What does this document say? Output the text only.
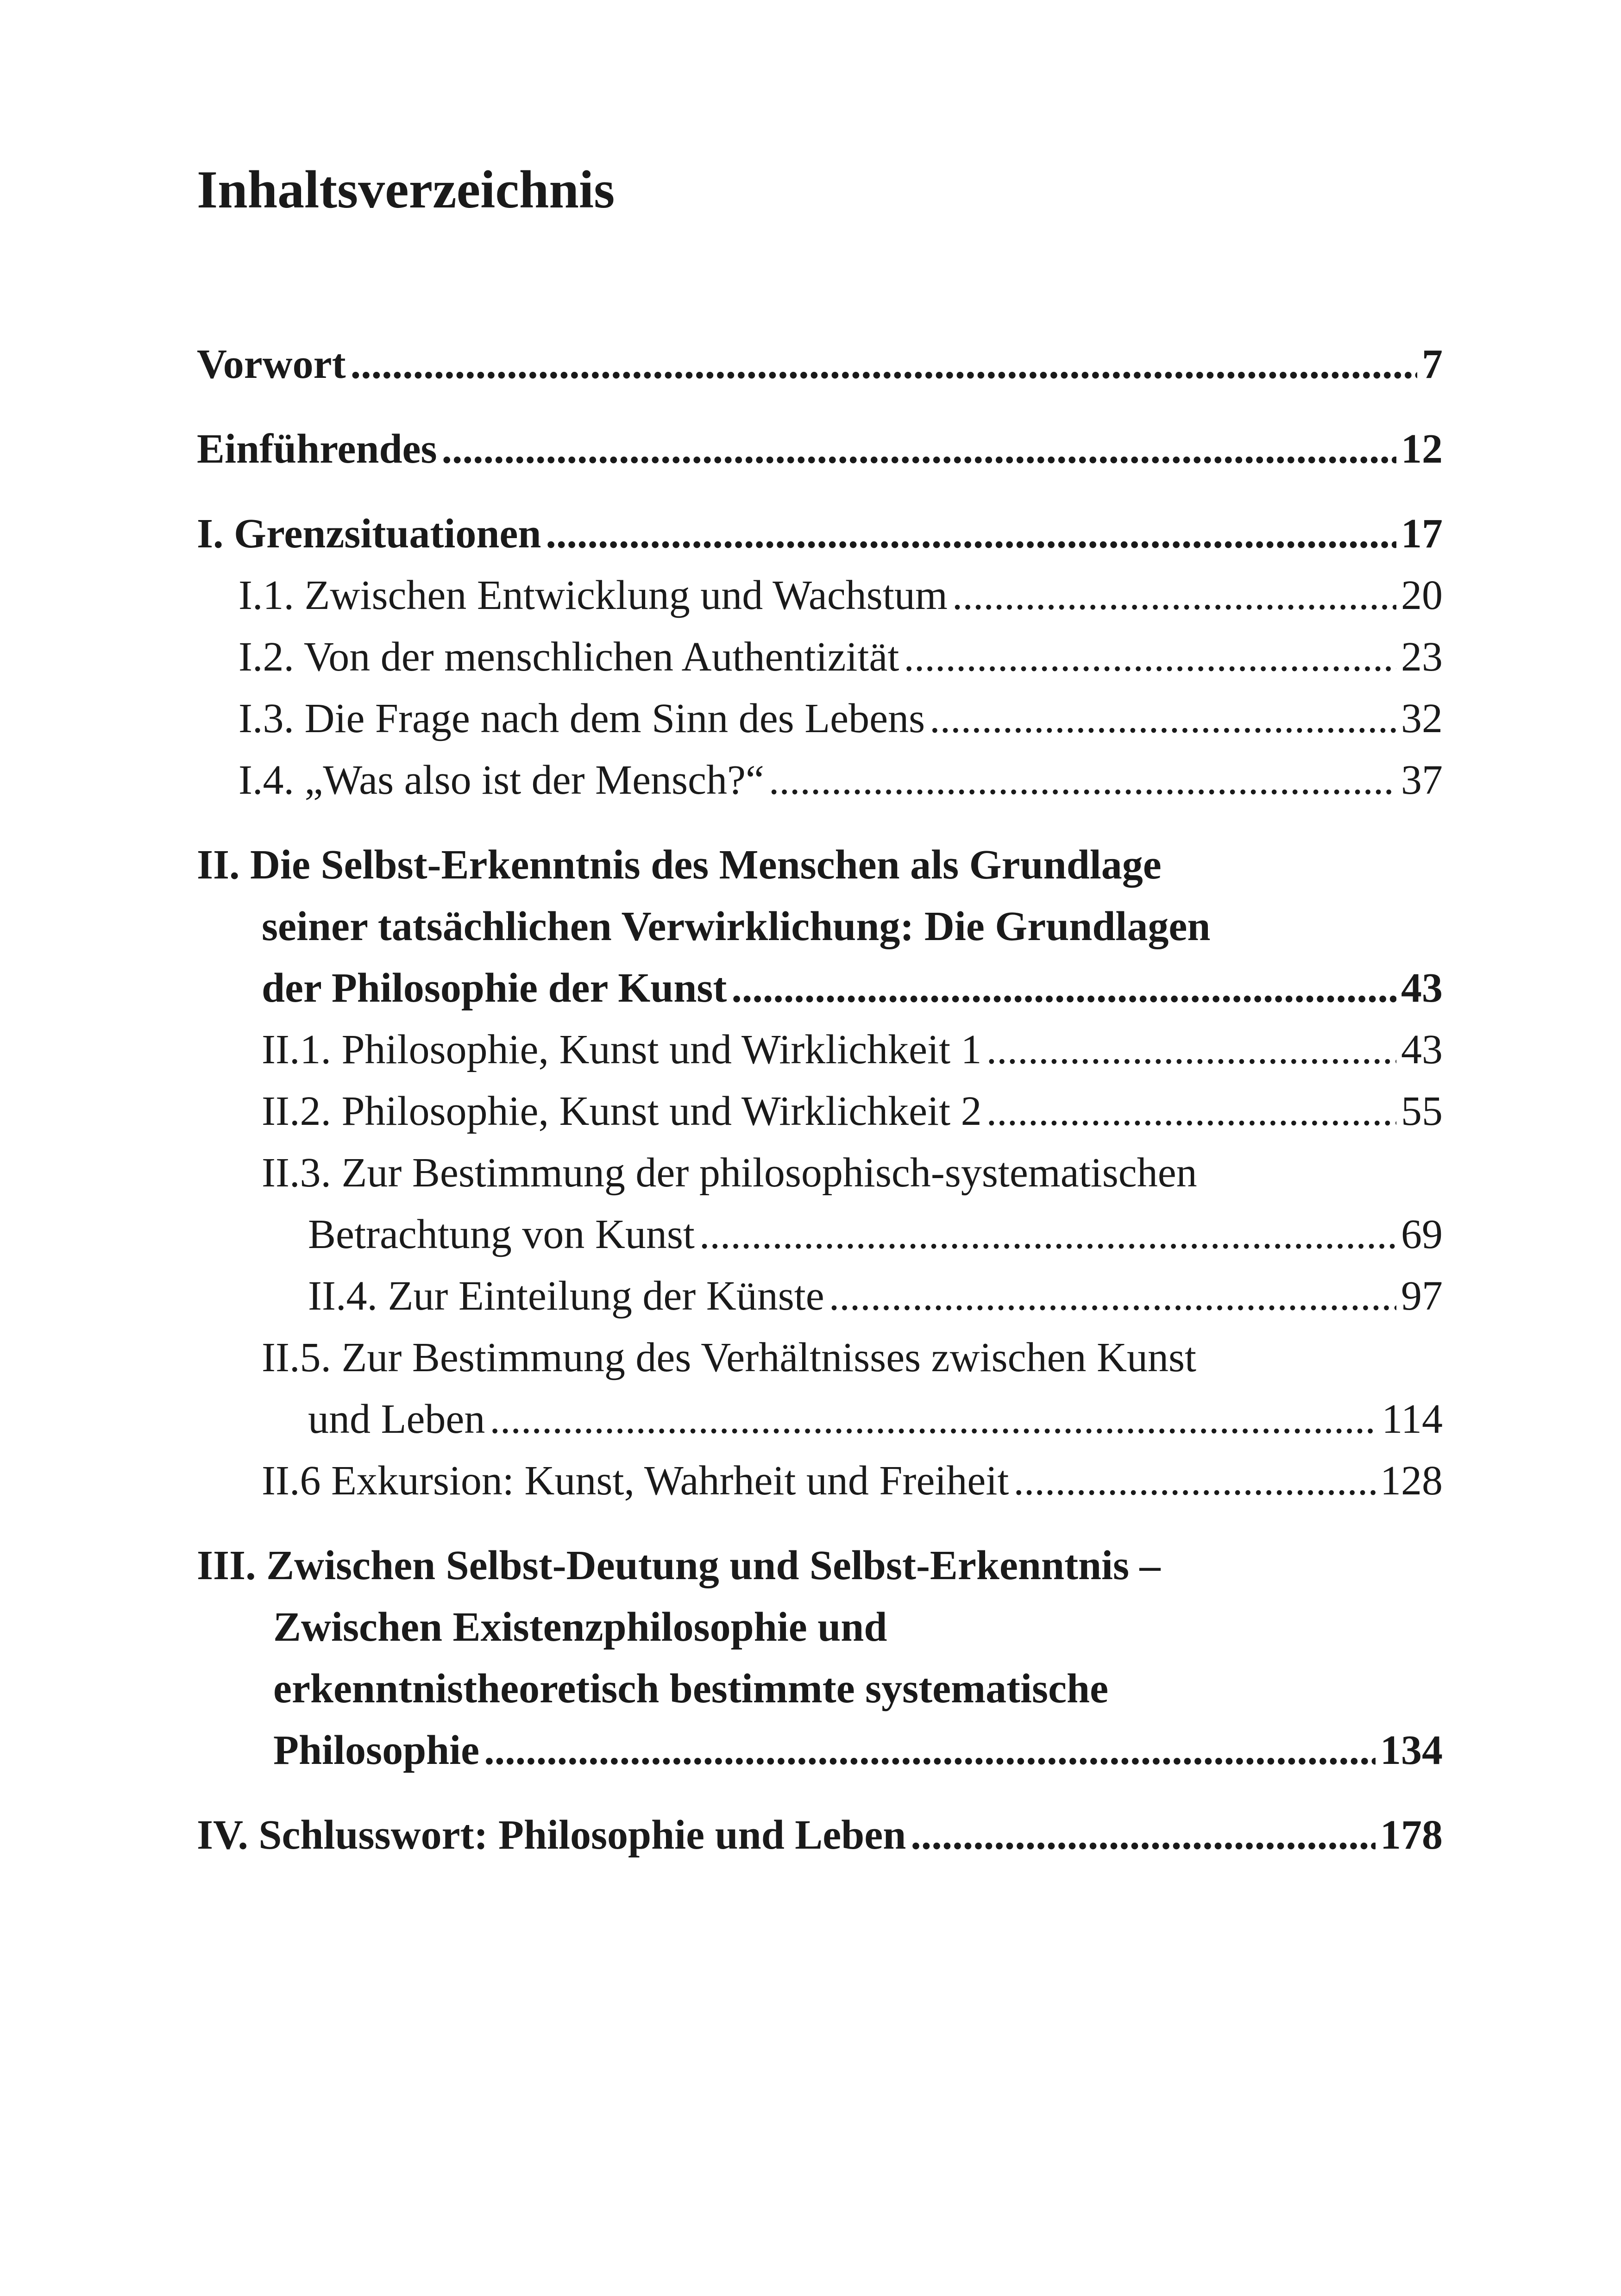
Inhaltsverzeichnis
Vorwort .....	7
Einführendes .....	12
I. Grenzsituationen .....	17
I.1. Zwischen Entwicklung und Wachstum .....	20
I.2. Von der menschlichen Authentizität .....	23
I.3. Die Frage nach dem Sinn des Lebens .....	32
I.4. „Was also ist der Mensch?“ .....	37
II. Die Selbst-Erkenntnis des Menschen als Grundlage
seiner tatsächlichen Verwirklichung: Die Grundlagen
der Philosophie der Kunst .....	43
II.1. Philosophie, Kunst und Wirklichkeit 1 .....	43
II.2. Philosophie, Kunst und Wirklichkeit 2 .....	55
II.3. Zur Bestimmung der philosophisch-systematischen
Betrachtung von Kunst .....	69
II.4. Zur Einteilung der Künste .....	97
II.5. Zur Bestimmung des Verhältnisses zwischen Kunst
und Leben .....	114
II.6 Exkursion: Kunst, Wahrheit und Freiheit .....	128
III. Zwischen Selbst-Deutung und Selbst-Erkenntnis –
Zwischen Existenzphilosophie und
erkenntnistheoretisch bestimmte systematische
Philosophie .....	134
IV. Schlusswort: Philosophie und Leben .....	178
